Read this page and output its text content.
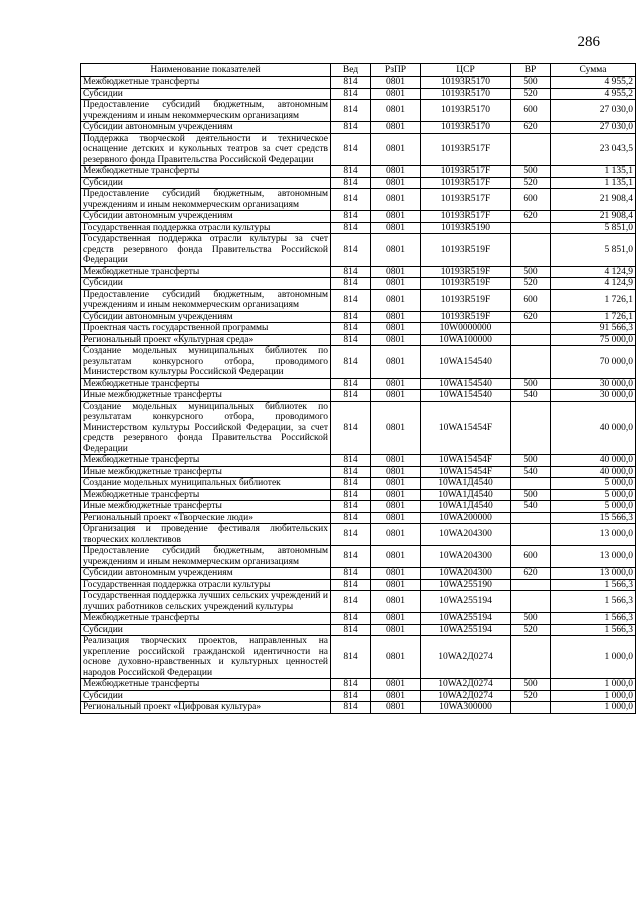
286
Наименование показателей	Вед	РзПР	ЦСР	ВР	Сумма
Межбюджетные трансферты	814	0801	10193R5170	500	4 955,2
Субсидии	814	0801	10193R5170	520	4 955,2
Предоставление субсидий бюджетным, автономным учреждениям и иным некоммерческим организациям	814	0801	10193R5170	600	27 030,0
Субсидии автономным учреждениям	814	0801	10193R5170	620	27 030,0
Поддержка творческой деятельности и техническое оснащение детских и кукольных театров за счет средств резервного фонда Правительства Российской Федерации	814	0801	10193R517F		23 043,5
Межбюджетные трансферты	814	0801	10193R517F	500	1 135,1
Субсидии	814	0801	10193R517F	520	1 135,1
Предоставление субсидий бюджетным, автономным учреждениям и иным некоммерческим организациям	814	0801	10193R517F	600	21 908,4
Субсидии автономным учреждениям	814	0801	10193R517F	620	21 908,4
Государственная поддержка отрасли культуры	814	0801	10193R5190		5 851,0
Государственная поддержка отрасли культуры за счет средств резервного фонда Правительства Российской Федерации	814	0801	10193R519F		5 851,0
Межбюджетные трансферты	814	0801	10193R519F	500	4 124,9
Субсидии	814	0801	10193R519F	520	4 124,9
Предоставление субсидий бюджетным, автономным учреждениям и иным некоммерческим организациям	814	0801	10193R519F	600	1 726,1
Субсидии автономным учреждениям	814	0801	10193R519F	620	1 726,1
Проектная часть государственной программы	814	0801	10W0000000		91 566,3
Региональный проект «Культурная среда»	814	0801	10WA100000		75 000,0
Создание модельных муниципальных библиотек по результатам конкурсного отбора, проводимого Министерством культуры Российской Федерации	814	0801	10WA154540		70 000,0
Межбюджетные трансферты	814	0801	10WA154540	500	30 000,0
Иные межбюджетные трансферты	814	0801	10WA154540	540	30 000,0
Создание модельных муниципальных библиотек по результатам конкурсного отбора, проводимого Министерством культуры Российской Федерации, за счет средств резервного фонда Правительства Российской Федерации	814	0801	10WA15454F		40 000,0
Межбюджетные трансферты	814	0801	10WA15454F	500	40 000,0
Иные межбюджетные трансферты	814	0801	10WA15454F	540	40 000,0
Создание модельных муниципальных библиотек	814	0801	10WA1Д4540		5 000,0
Межбюджетные трансферты	814	0801	10WA1Д4540	500	5 000,0
Иные межбюджетные трансферты	814	0801	10WA1Д4540	540	5 000,0
Региональный проект «Творческие люди»	814	0801	10WA200000		15 566,3
Организация и проведение фестиваля любительских творческих коллективов	814	0801	10WA204300		13 000,0
Предоставление субсидий бюджетным, автономным учреждениям и иным некоммерческим организациям	814	0801	10WA204300	600	13 000,0
Субсидии автономным учреждениям	814	0801	10WA204300	620	13 000,0
Государственная поддержка отрасли культуры	814	0801	10WA255190		1 566,3
Государственная поддержка лучших сельских учреждений и лучших работников сельских учреждений культуры	814	0801	10WA255194		1 566,3
Межбюджетные трансферты	814	0801	10WA255194	500	1 566,3
Субсидии	814	0801	10WA255194	520	1 566,3
Реализация творческих проектов, направленных на укрепление российской гражданской идентичности на основе духовно-нравственных и культурных ценностей народов Российской Федерации	814	0801	10WA2Д0274		1 000,0
Межбюджетные трансферты	814	0801	10WA2Д0274	500	1 000,0
Субсидии	814	0801	10WA2Д0274	520	1 000,0
Региональный проект «Цифровая культура»	814	0801	10WA300000		1 000,0
